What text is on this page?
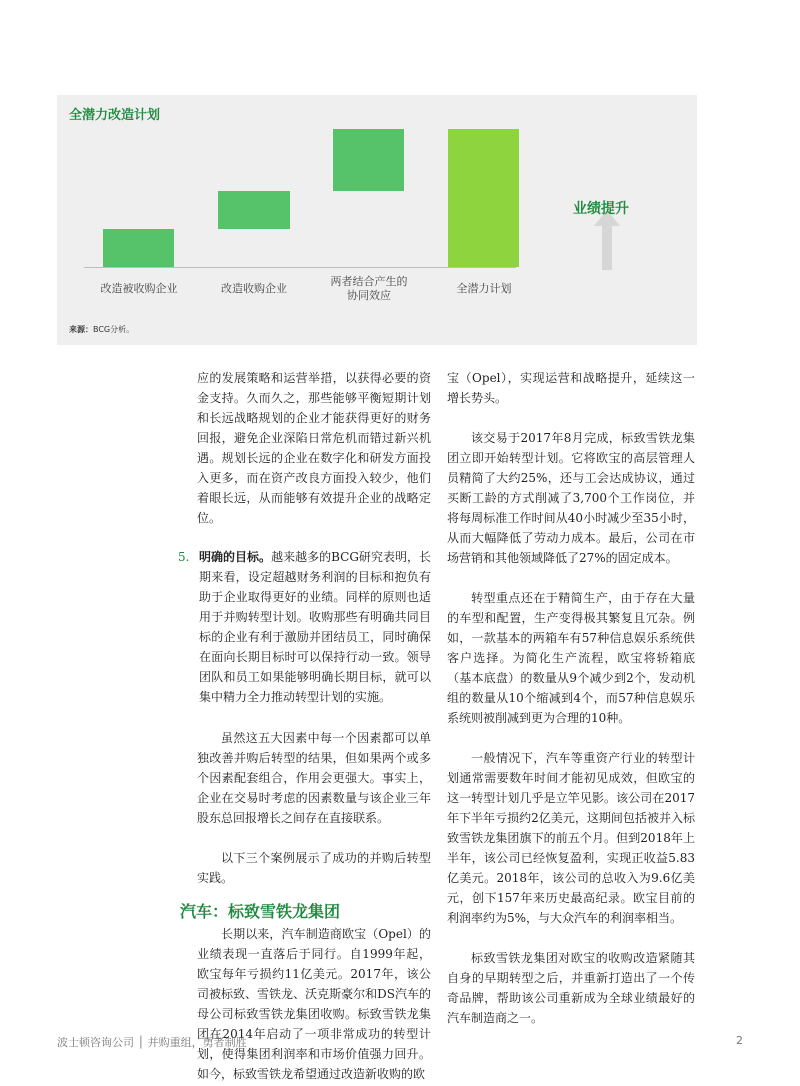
全潜力改造计划
改造被收购企业	改造收购企业
两者结合产生的
协同效应
全潜力计划
业绩提升
来源：BCG分析。

应的发展策略和运营举措，以获得必要的资金支持。久而久之，那些能够平衡短期计划和长远战略规划的企业才能获得更好的财务回报，避免企业深陷日常危机而错过新兴机遇。规划长远的企业在数字化和研发方面投入更多，而在资产改良方面投入较少，他们着眼长远，从而能够有效提升企业的战略定位。

5. 明确的目标。越来越多的BCG研究表明，长期来看，设定超越财务利润的目标和抱负有助于企业取得更好的业绩。同样的原则也适用于并购转型计划。收购那些有明确共同目标的企业有利于激励并团结员工，同时确保在面向长期目标时可以保持行动一致。领导团队和员工如果能够明确长期目标，就可以集中精力全力推动转型计划的实施。

虽然这五大因素中每一个因素都可以单独改善并购后转型的结果，但如果两个或多个因素配套组合，作用会更强大。事实上，企业在交易时考虑的因素数量与该企业三年股东总回报增长之间存在直接联系。

以下三个案例展示了成功的并购后转型实践。

汽车：标致雪铁龙集团

长期以来，汽车制造商欧宝（Opel）的业绩表现一直落后于同行。自1999年起，欧宝每年亏损约11亿美元。2017年，该公司被标致、雪铁龙、沃克斯豪尔和DS汽车的母公司标致雪铁龙集团收购。标致雪铁龙集团在2014年启动了一项非常成功的转型计划，使得集团利润率和市场价值强力回升。如今，标致雪铁龙希望通过改造新收购的欧

宝（Opel），实现运营和战略提升，延续这一增长势头。

该交易于2017年8月完成，标致雪铁龙集团立即开始转型计划。它将欧宝的高层管理人员精简了大约25%，还与工会达成协议，通过买断工龄的方式削减了3,700个工作岗位，并将每周标准工作时间从40小时减少至35小时，从而大幅降低了劳动力成本。最后，公司在市场营销和其他领域降低了27%的固定成本。

转型重点还在于精简生产，由于存在大量的车型和配置，生产变得极其繁复且冗杂。例如，一款基本的两箱车有57种信息娱乐系统供客户选择。为简化生产流程，欧宝将轿箱底（基本底盘）的数量从9个减少到2个，发动机组的数量从10个缩减到4个，而57种信息娱乐系统则被削减到更为合理的10种。

一般情况下，汽车等重资产行业的转型计划通常需要数年时间才能初见成效，但欧宝的这一转型计划几乎是立竿见影。该公司在2017年下半年亏损约2亿美元，这期间包括被并入标致雪铁龙集团旗下的前五个月。但到2018年上半年，该公司已经恢复盈利，实现正收益5.83亿美元。2018年，该公司的总收入为9.6亿美元，创下157年来历史最高纪录。欧宝目前的利润率约为5%，与大众汽车的利润率相当。

标致雪铁龙集团对欧宝的收购改造紧随其自身的早期转型之后，并重新打造出了一个传奇品牌，帮助该公司重新成为全球业绩最好的汽车制造商之一。

波士顿咨询公司 │ 并购重组，勇者制胜	2
